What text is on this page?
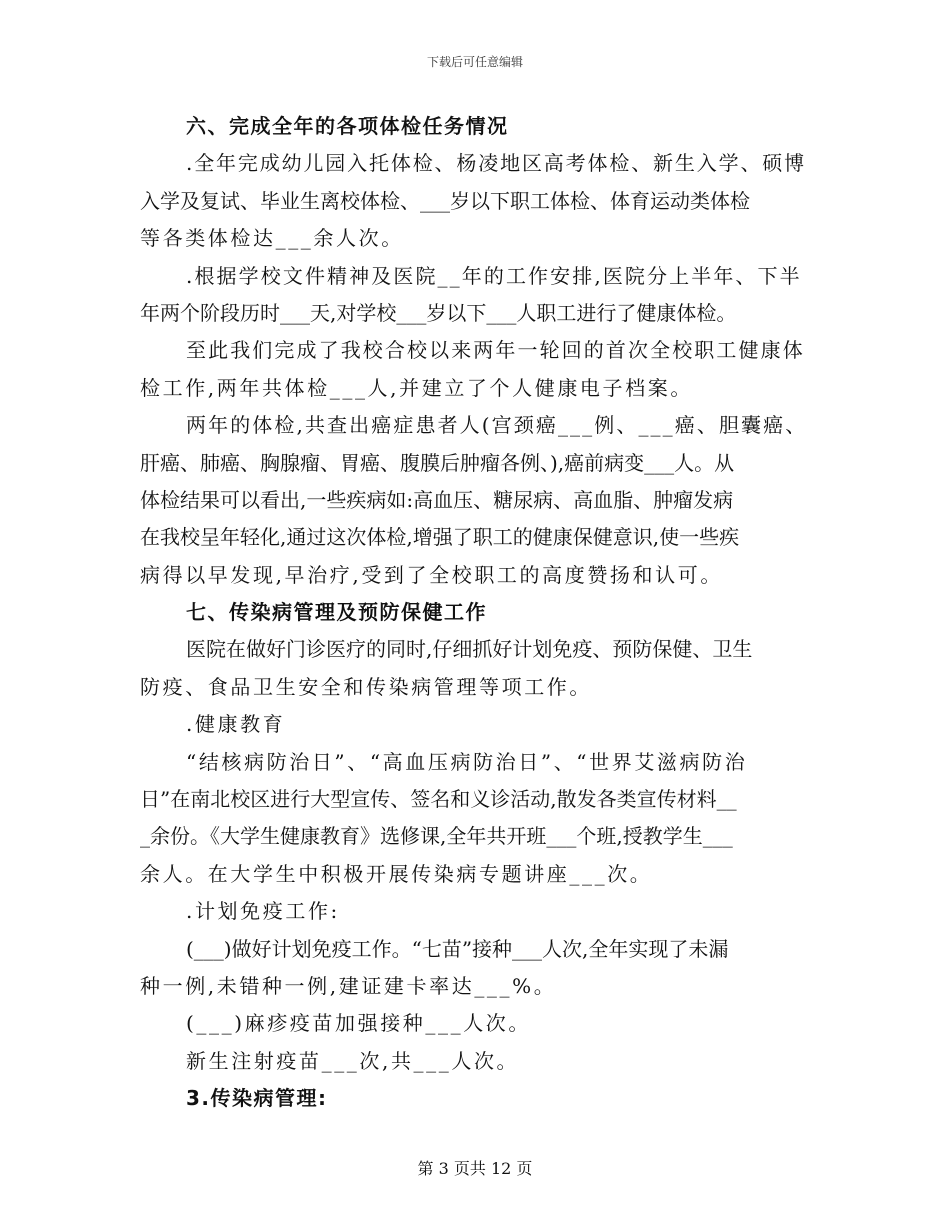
下载后可任意编辑
六、完成全年的各项体检任务情况
.全年完成幼儿园入托体检、杨凌地区高考体检、新生入学、硕博
入学及复试、毕业生离校体检、___岁以下职工体检、体育运动类体检
等各类体检达___余人次。
.根据学校文件精神及医院__年的工作安排,医院分上半年、下半
年两个阶段历时___天,对学校___岁以下___人职工进行了健康体检。
至此我们完成了我校合校以来两年一轮回的首次全校职工健康体
检工作,两年共体检___人,并建立了个人健康电子档案。
两年的体检,共查出癌症患者人(宫颈癌___例、___癌、胆囊癌、
肝癌、肺癌、胸腺瘤、胃癌、腹膜后肿瘤各例、),癌前病变___人。从
体检结果可以看出,一些疾病如:高血压、糖尿病、高血脂、肿瘤发病
在我校呈年轻化,通过这次体检,增强了职工的健康保健意识,使一些疾
病得以早发现,早治疗,受到了全校职工的高度赞扬和认可。
七、传染病管理及预防保健工作
医院在做好门诊医疗的同时,仔细抓好计划免疫、预防保健、卫生
防疫、食品卫生安全和传染病管理等项工作。
.健康教育
“结核病防治日”、“高血压病防治日”、“世界艾滋病防治
日”在南北校区进行大型宣传、签名和义诊活动,散发各类宣传材料__
_余份。《大学生健康教育》选修课,全年共开班___个班,授教学生___
余人。在大学生中积极开展传染病专题讲座___次。
.计划免疫工作:
(___)做好计划免疫工作。“七苗”接种___人次,全年实现了未漏
种一例,未错种一例,建证建卡率达___%。
(___)麻疹疫苗加强接种___人次。
新生注射疫苗___次,共___人次。
3.传染病管理:
第 3 页共 12 页
